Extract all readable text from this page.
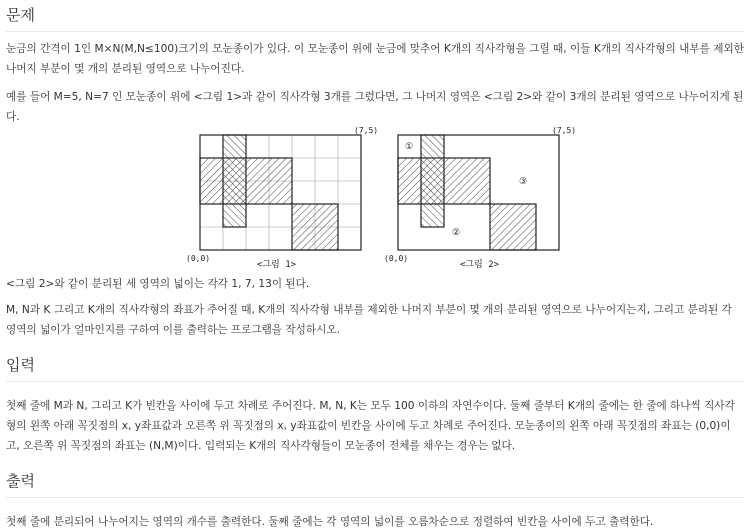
문제

눈금의 간격이 1인 M×N(M,N≤100)크기의 모눈종이가 있다. 이 모눈종이 위에 눈금에 맞추어 K개의 직사각형을 그릴 때, 이들 K개의 직사각형의 내부를 제외한 나머지 부분이 몇 개의 분리된 영역으로 나누어진다.

예를 들어 M=5, N=7 인 모눈종이 위에 <그림 1>과 같이 직사각형 3개를 그렸다면, 그 나머지 영역은 <그림 2>와 같이 3개의 분리된 영역으로 나누어지게 된다.

(7,5)
(0,0)
<그림 1>
①
②
③
(7,5)
(0,0)
<그림 2>

<그림 2>와 같이 분리된 세 영역의 넓이는 각각 1, 7, 13이 된다.

M, N과 K 그리고 K개의 직사각형의 좌표가 주어질 때, K개의 직사각형 내부를 제외한 나머지 부분이 몇 개의 분리된 영역으로 나누어지는지, 그리고 분리된 각 영역의 넓이가 얼마인지를 구하여 이를 출력하는 프로그램을 작성하시오.

입력

첫째 줄에 M과 N, 그리고 K가 빈칸을 사이에 두고 차례로 주어진다. M, N, K는 모두 100 이하의 자연수이다. 둘째 줄부터 K개의 줄에는 한 줄에 하나씩 직사각형의 왼쪽 아래 꼭짓점의 x, y좌표값과 오른쪽 위 꼭짓점의 x, y좌표값이 빈칸을 사이에 두고 차례로 주어진다. 모눈종이의 왼쪽 아래 꼭짓점의 좌표는 (0,0)이고, 오른쪽 위 꼭짓점의 좌표는 (N,M)이다. 입력되는 K개의 직사각형들이 모눈종이 전체를 채우는 경우는 없다.

출력

첫째 줄에 분리되어 나누어지는 영역의 개수를 출력한다. 둘째 줄에는 각 영역의 넓이를 오름차순으로 정렬하여 빈칸을 사이에 두고 출력한다.
